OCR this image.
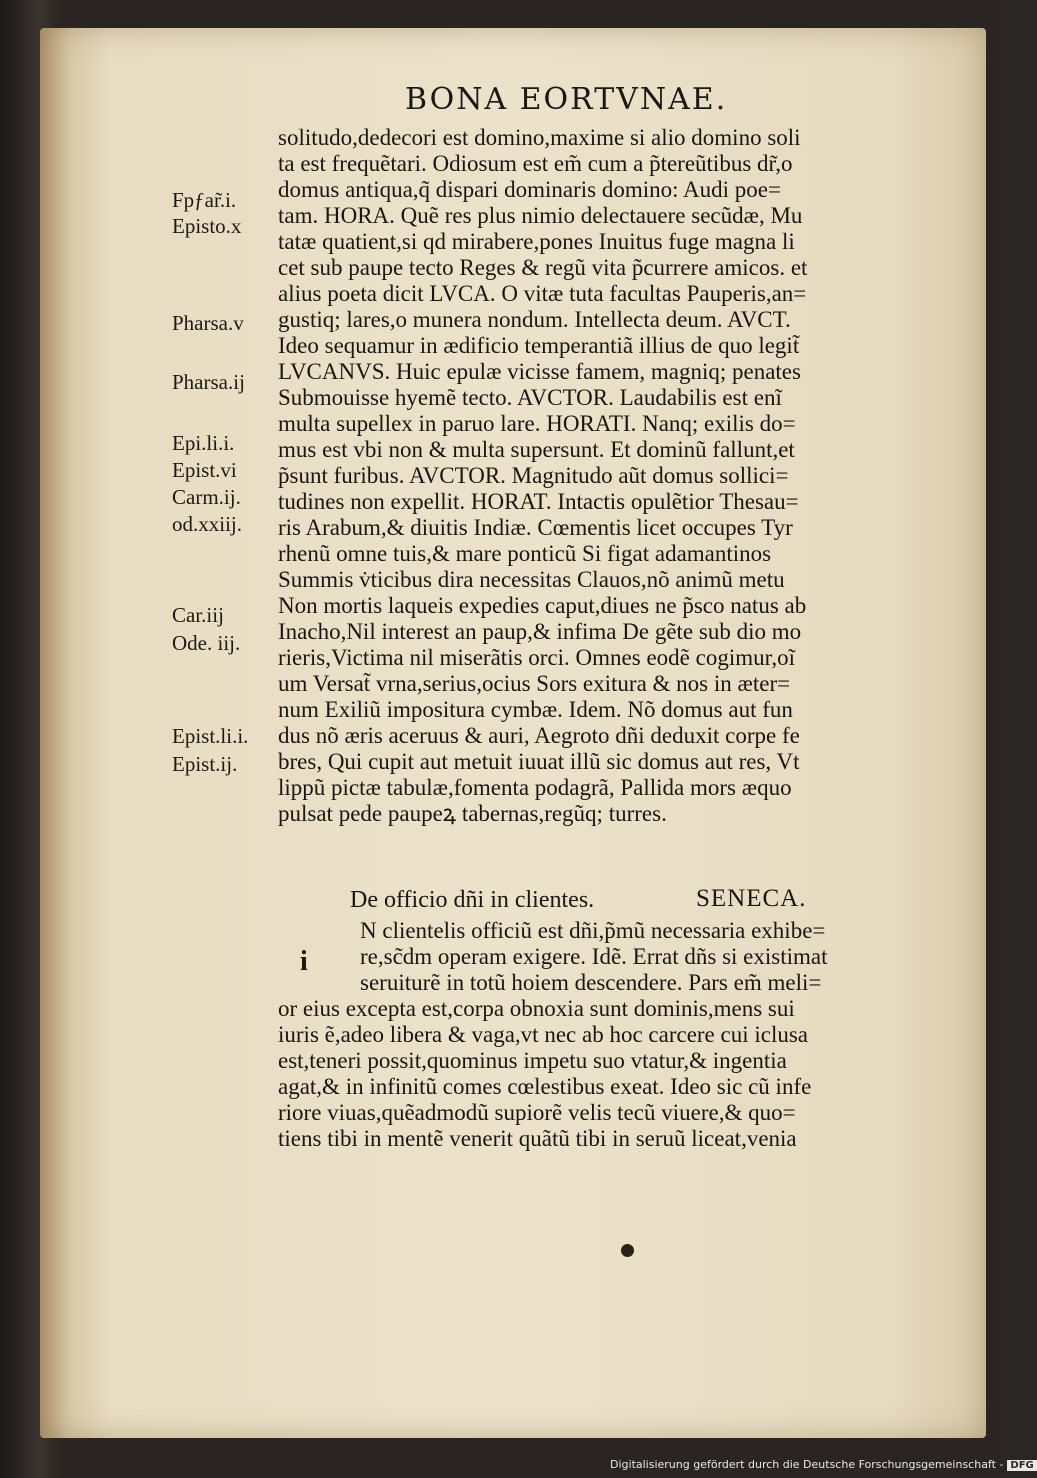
BONA EORTVNAE.
Fpƒar̃.i.
Episto.x
Pharsa.v
Pharsa.ij
Epi.li.i.
Epist.vi
Carm.ij.
od.xxiij.
Car.iij
Ode. iij.
Epist.li.i.
Epist.ij.
solitudo,dedecori est domino,maxime si alio domino soli
ta est frequẽtari. Odiosum est em̃ cum a p̃tereũtibus dr̃,o
domus antiqua,q̃ dispari dominaris domino: Audi poe=
tam. HORA. Quẽ res plus nimio delectauere secũdæ, Mu
tatæ quatient,si qd mirabere,pones Inuitus fuge magna li
cet sub paupe tecto Reges & regũ vita p̃currere amicos. et
alius poeta dicit LVCA. O vitæ tuta facultas Pauperis,an=
gustiq; lares,o munera nondum. Intellecta deum. AVCT.
Ideo sequamur in ædificio temperantiã illius de quo legit̃
LVCANVS. Huic epulæ vicisse famem, magniq; penates
Submouisse hyemẽ tecto. AVCTOR. Laudabilis est enĩ
multa supellex in paruo lare. HORATI. Nanq; exilis do=
mus est vbi non & multa supersunt. Et dominũ fallunt,et
p̃sunt furibus. AVCTOR. Magnitudo aũt domus sollici=
tudines non expellit. HORAT. Intactis opulẽtior Thesau=
ris Arabum,& diuitis Indiæ. Cœmentis licet occupes Tyr
rhenũ omne tuis,& mare ponticũ Si figat adamantinos
Summis v̇ticibus dira necessitas Clauos,nõ animũ metu
Non mortis laqueis expedies caput,diues ne p̃sco natus ab
Inacho,Nil interest an paup,& infima De gẽte sub dio mo
rieris,Victima nil miserãtis orci. Omnes eodẽ cogimur,oĩ
um Versat̃ vrna,serius,ocius Sors exitura & nos in æter=
num Exiliũ impositura cymbæ. Idem. Nõ domus aut fun
dus nõ æris aceruus & auri, Aegroto dñi deduxit corpe fe
bres, Qui cupit aut metuit iuuat illũ sic domus aut res, Vt
lippũ pictæ tabulæ,fomenta podagrã, Pallida mors æquo
pulsat pede paupeꝝ tabernas,regũq; turres.
De officio dñi in clientes.	SENECA.
N clientelis officiũ est dñi,p̃mũ necessaria exhibe=
re,sc̃dm operam exigere. Idẽ. Errat dñs si existimat
seruiturẽ in totũ hoiem descendere. Pars em̃ meli=
or eius excepta est,corpa obnoxia sunt dominis,mens sui
iuris ẽ,adeo libera & vaga,vt nec ab hoc carcere cui iclusa
est,teneri possit,quominus impetu suo vtatur,& ingentia
agat,& in infinitũ comes cœlestibus exeat. Ideo sic cũ infe
riore viuas,quẽadmodũ supiorẽ velis tecũ viuere,& quo=
tiens tibi in mentẽ venerit quãtũ tibi in seruũ liceat,venia
i
Digitalisierung gefördert durch die Deutsche Forschungsgemeinschaft - DFG
